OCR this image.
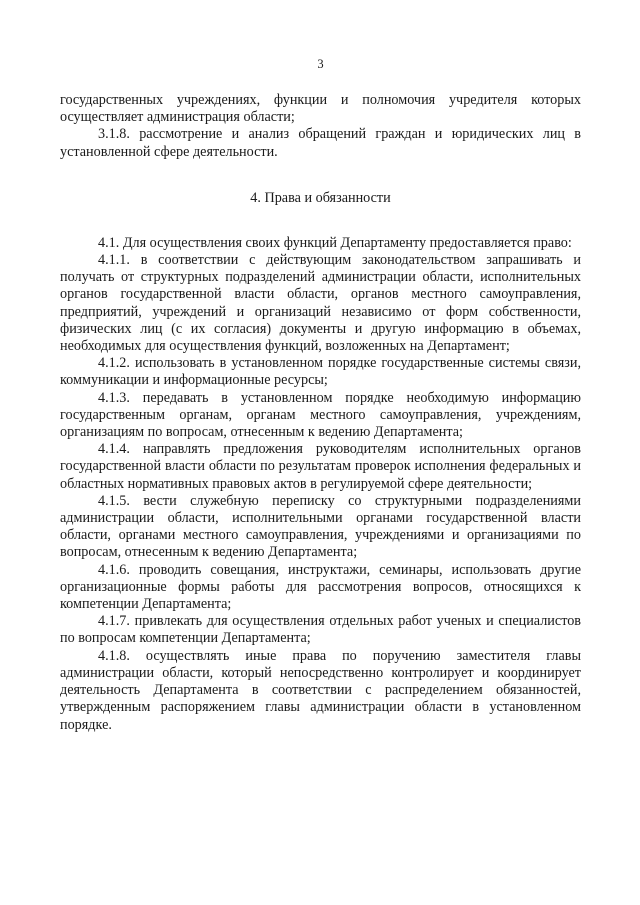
3

государственных учреждениях, функции и полномочия учредителя которых осуществляет администрация области;

3.1.8. рассмотрение и анализ обращений граждан и юридических лиц в установленной сфере деятельности.

4. Права и обязанности

4.1. Для осуществления своих функций Департаменту предоставляется право:

4.1.1. в соответствии с действующим законодательством запрашивать и получать от структурных подразделений администрации области, исполнительных органов государственной власти области, органов местного самоуправления, предприятий, учреждений и организаций независимо от форм собственности, физических лиц (с их согласия) документы и другую информацию в объемах, необходимых для осуществления функций, возложенных на Департамент;

4.1.2. использовать в установленном порядке государственные системы связи, коммуникации и информационные ресурсы;

4.1.3. передавать в установленном порядке необходимую информацию государственным органам, органам местного самоуправления, учреждениям, организациям по вопросам, отнесенным к ведению Департамента;

4.1.4. направлять предложения руководителям исполнительных органов государственной власти области по результатам проверок исполнения федеральных и областных нормативных правовых актов в регулируемой сфере деятельности;

4.1.5. вести служебную переписку со структурными подразделениями администрации области, исполнительными органами государственной власти области, органами местного самоуправления, учреждениями и организациями по вопросам, отнесенным к ведению Департамента;

4.1.6. проводить совещания, инструктажи, семинары, использовать другие организационные формы работы для рассмотрения вопросов, относящихся к компетенции Департамента;

4.1.7. привлекать для осуществления отдельных работ ученых и специалистов по вопросам компетенции Департамента;

4.1.8. осуществлять иные права по поручению заместителя главы администрации области, который непосредственно контролирует и координирует деятельность Департамента в соответствии с распределением обязанностей, утвержденным распоряжением главы администрации области в установленном порядке.
